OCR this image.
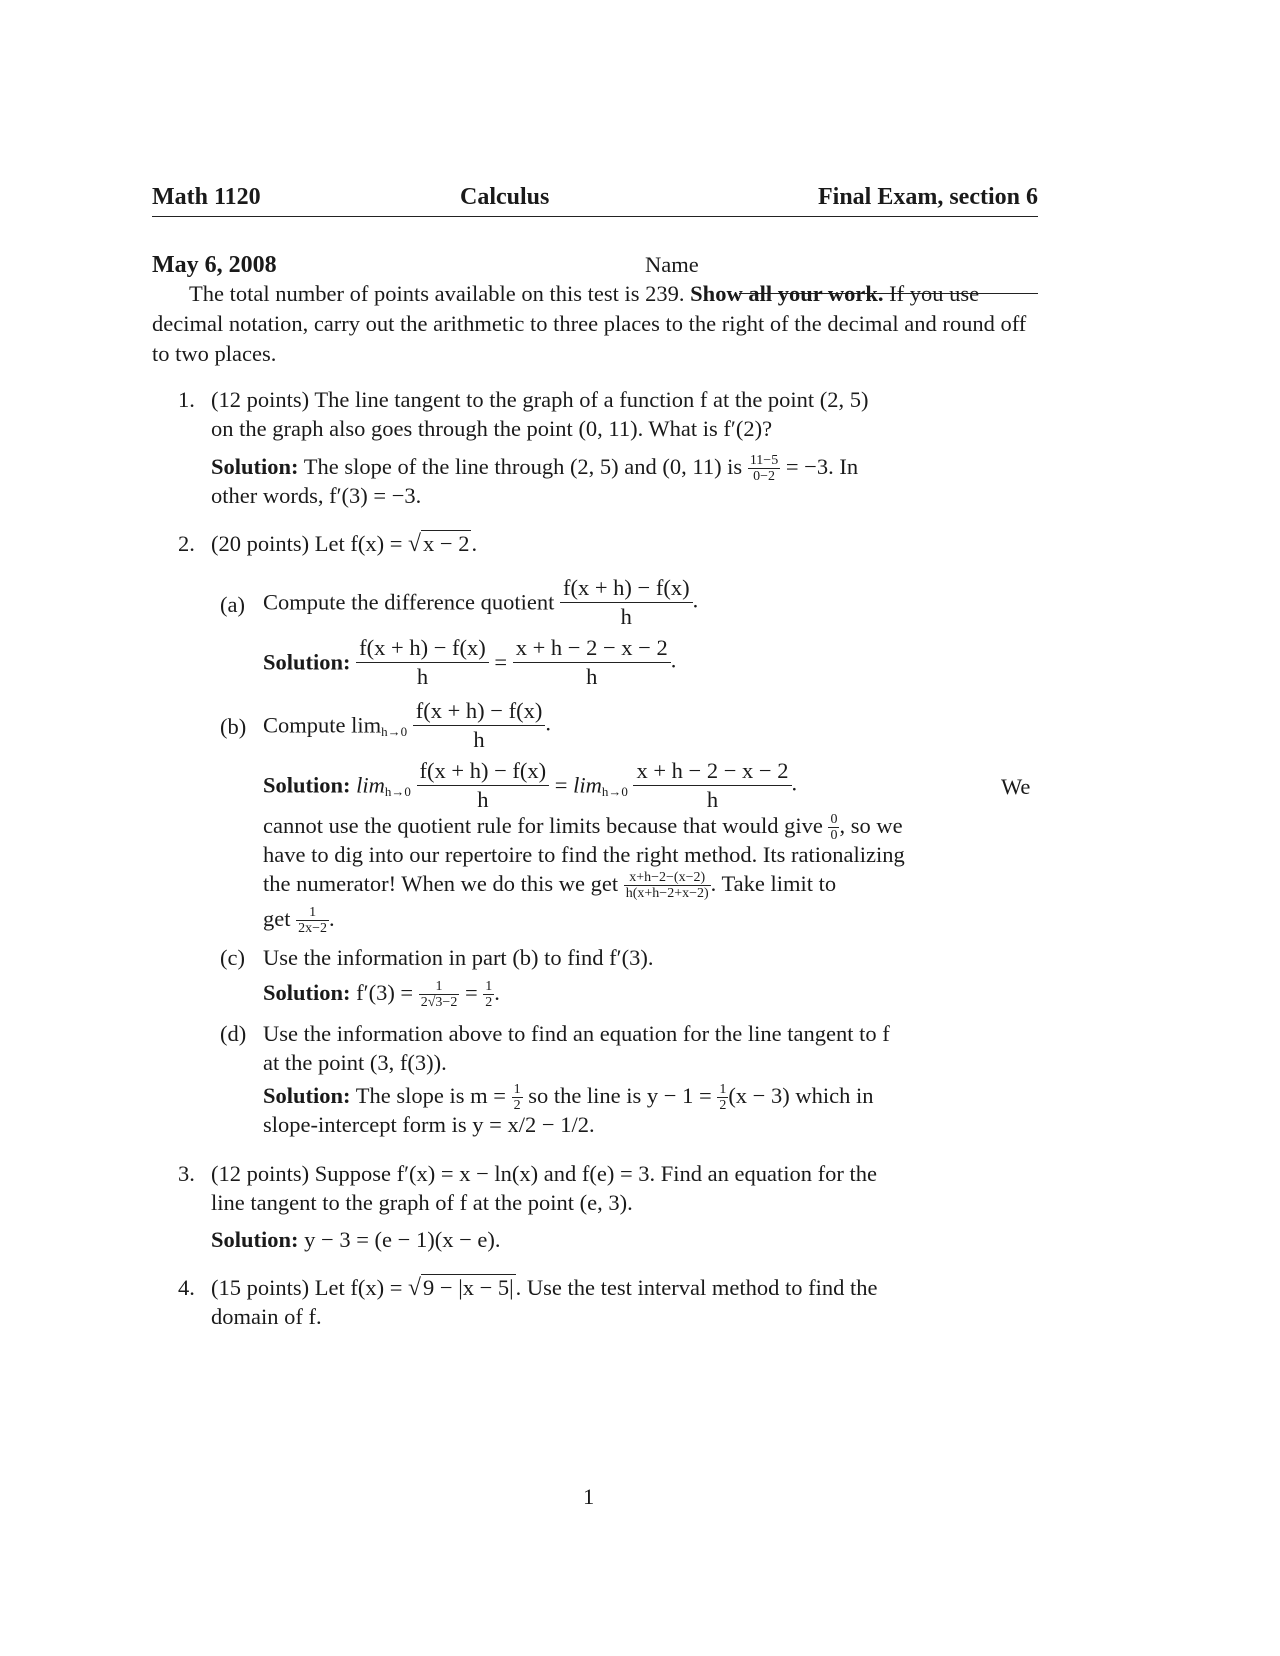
Math 1120	Calculus	Final Exam, section 6
May 6, 2008	Name
The total number of points available on this test is 239. Show all your work. If you use decimal notation, carry out the arithmetic to three places to the right of the decimal and round off to two places.
1. (12 points) The line tangent to the graph of a function f at the point (2, 5)
on the graph also goes through the point (0, 11). What is f′(2)?
Solution: The slope of the line through (2, 5) and (0, 11) is $\frac{11-5}{0-2} = -3$. In
other words, f′(3) = −3.
2. (20 points) Let f(x) = √x − 2.
(a) Compute the difference quotient $\frac{f(x + h) - f(x)}{h}$ .
Solution: $\frac{f(x + h) - f(x)}{h} = \frac{x + h - 2 - x - 2}{h}$ .
(b) Compute $\lim_{h\to 0} \frac{f(x + h) - f(x)}{h}$ .
Solution: $\lim_{h\to 0} \frac{f(x + h) - f(x)}{h} = \lim_{h\to 0} \frac{x + h - 2 - x - 2}{h}$ .	We
cannot use the quotient rule for limits because that would give $\frac{0}{0}$ , so we
have to dig into our repertoire to find the right method. Its rationalizing
the numerator! When we do this we get $\frac{x+h-2-(x-2)}{h(x+h-2+x-2)}$ . Take limit to
get $\frac{1}{2x-2}$ .
(c) Use the information in part (b) to find f′(3).
Solution: $f'(3) = \frac{1}{2√3-2} = \frac{1}{2}$ .
(d) Use the information above to find an equation for the line tangent to f
at the point (3, f(3)).
Solution: The slope is $m = \frac{1}{2}$ so the line is $y - 1 = \frac{1}{2} (x - 3)$ which in
slope-intercept form is y = x/2 − 1/2.
3. (12 points) Suppose f′(x) = x − ln(x) and f(e) = 3. Find an equation for the
line tangent to the graph of f at the point (e, 3).
Solution: y − 3 = (e − 1)(x − e).
4. (15 points) Let f(x) = √9 − |x − 5|. Use the test interval method to find the
domain of f.
1
